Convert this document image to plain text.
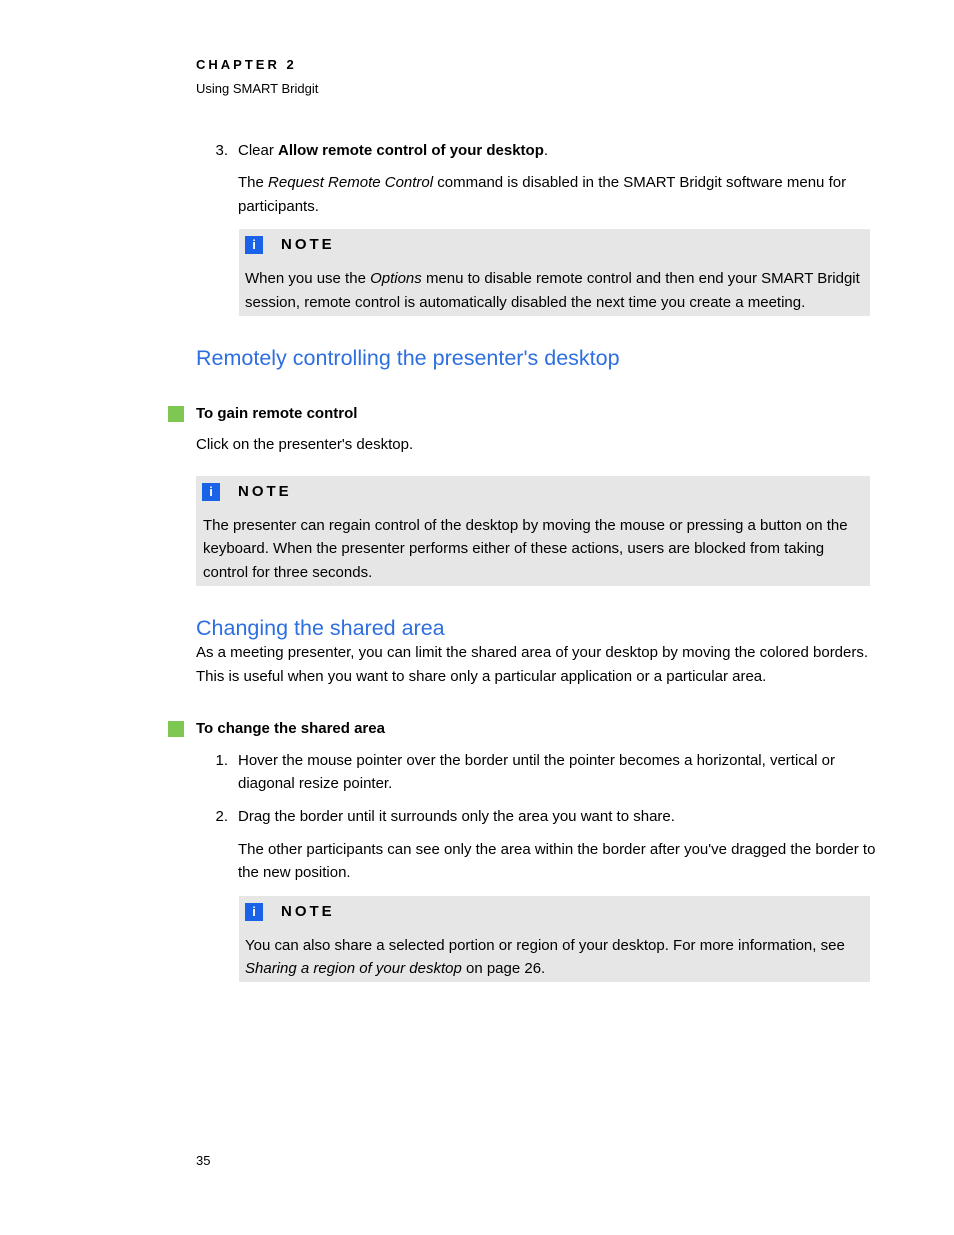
CHAPTER 2
Using SMART Bridgit
3. Clear Allow remote control of your desktop.
The Request Remote Control command is disabled in the SMART Bridgit software menu for
participants.
i	NOTE
When you use the Options menu to disable remote control and then end your SMART Bridgit
session, remote control is automatically disabled the next time you create a meeting.
Remotely controlling the presenter's desktop
To gain remote control
Click on the presenter's desktop.
i	NOTE
The presenter can regain control of the desktop by moving the mouse or pressing a button on the
keyboard. When the presenter performs either of these actions, users are blocked from taking
control for three seconds.
Changing the shared area
As a meeting presenter, you can limit the shared area of your desktop by moving the colored borders.
This is useful when you want to share only a particular application or a particular area.
To change the shared area
1. Hover the mouse pointer over the border until the pointer becomes a horizontal, vertical or
diagonal resize pointer.
2. Drag the border until it surrounds only the area you want to share.
The other participants can see only the area within the border after you've dragged the border to
the new position.
i	NOTE
You can also share a selected portion or region of your desktop. For more information, see
Sharing a region of your desktop on page 26.
35
